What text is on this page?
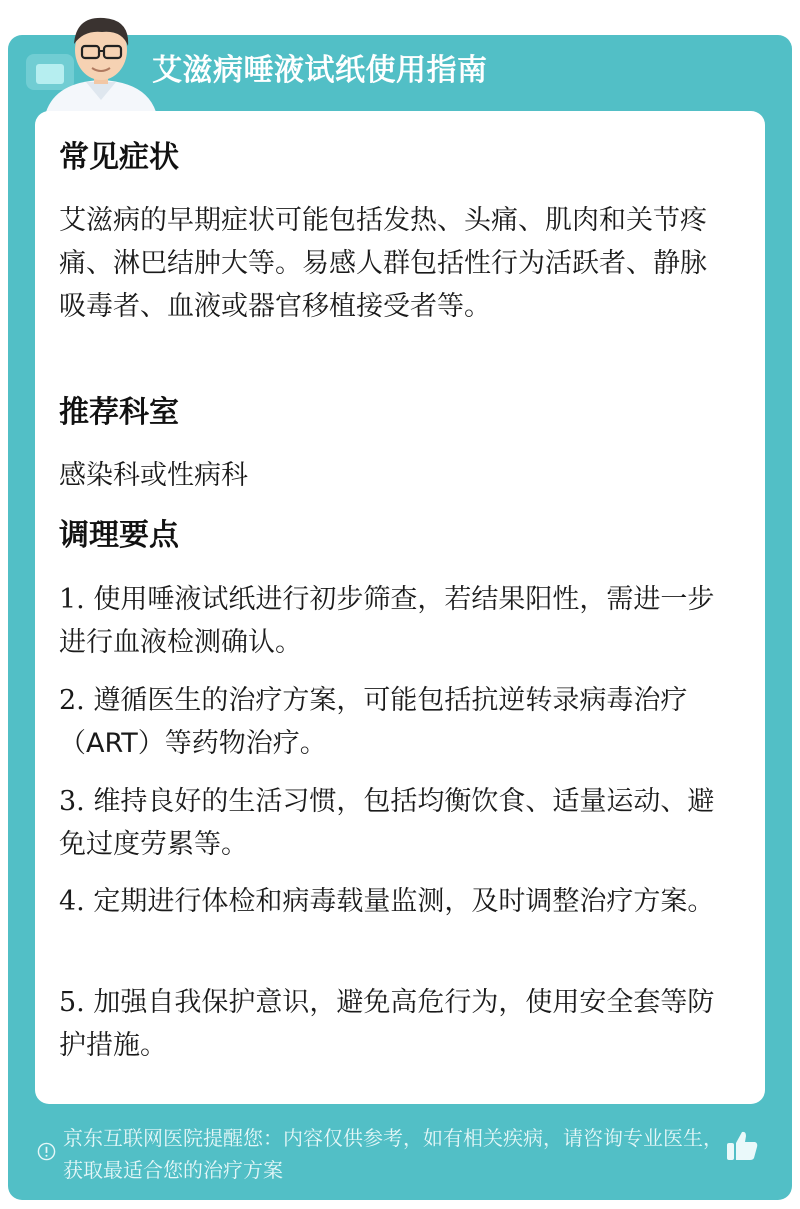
艾滋病唾液试纸使用指南
常见症状
艾滋病的早期症状可能包括发热、头痛、肌肉和关节疼痛、淋巴结肿大等。易感人群包括性行为活跃者、静脉吸毒者、血液或器官移植接受者等。
推荐科室
感染科或性病科
调理要点
1. 使用唾液试纸进行初步筛查，若结果阳性，需进一步进行血液检测确认。
2. 遵循医生的治疗方案，可能包括抗逆转录病毒治疗（ART）等药物治疗。
3. 维持良好的生活习惯，包括均衡饮食、适量运动、避免过度劳累等。
4. 定期进行体检和病毒载量监测，及时调整治疗方案。
5. 加强自我保护意识，避免高危行为，使用安全套等防护措施。
京东互联网医院提醒您：内容仅供参考，如有相关疾病，请咨询专业医生，获取最适合您的治疗方案
